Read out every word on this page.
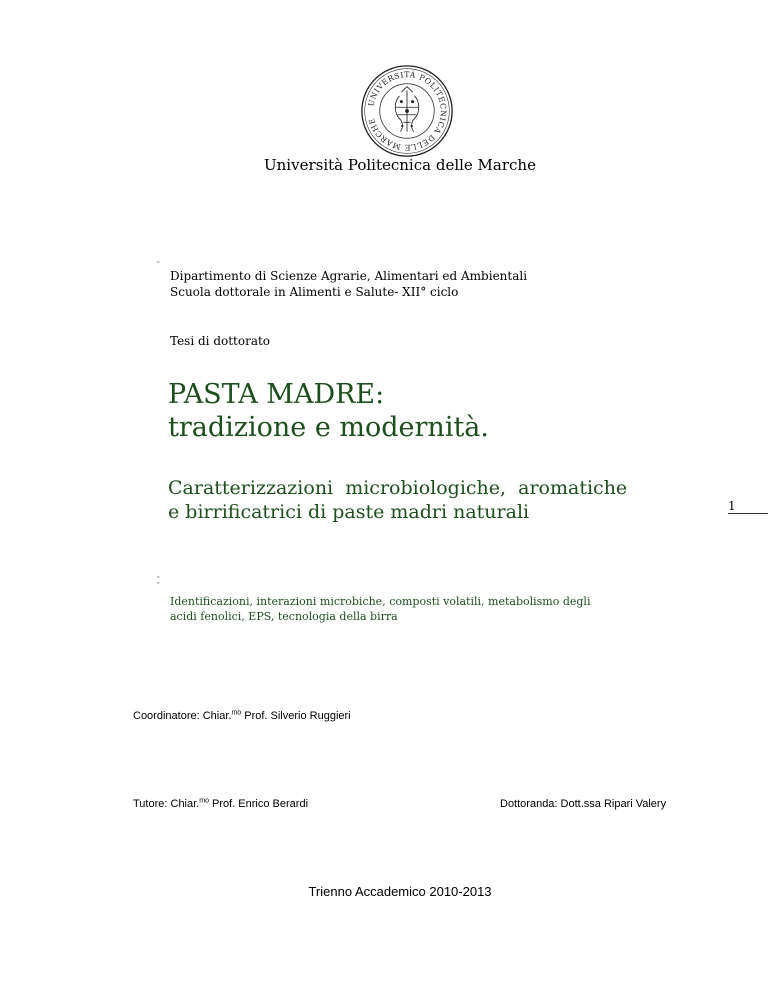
UNIVERSITÀ POLITECNICA DELLE MARCHE
Università Politecnica delle Marche
"
Dipartimento di Scienze Agrarie, Alimentari ed Ambientali
Scuola dottorale in Alimenti e Salute- XII° ciclo
Tesi di dottorato
PASTA MADRE:
tradizione e modernità.
Caratterizzazioni  microbiologiche,  aromatiche
e birrificatrici di paste madri naturali	1
"
"
Identificazioni, interazioni microbiche, composti volatili, metabolismo degli
acidi fenolici, EPS, tecnologia della birra
Coordinatore: Chiar.$^{mo}$ Prof. Silverio Ruggieri
Tutore: Chiar.$^{mo}$ Prof. Enrico Berardi	Dottoranda: Dott.ssa Ripari Valery
Trienno Accademico 2010-2013
